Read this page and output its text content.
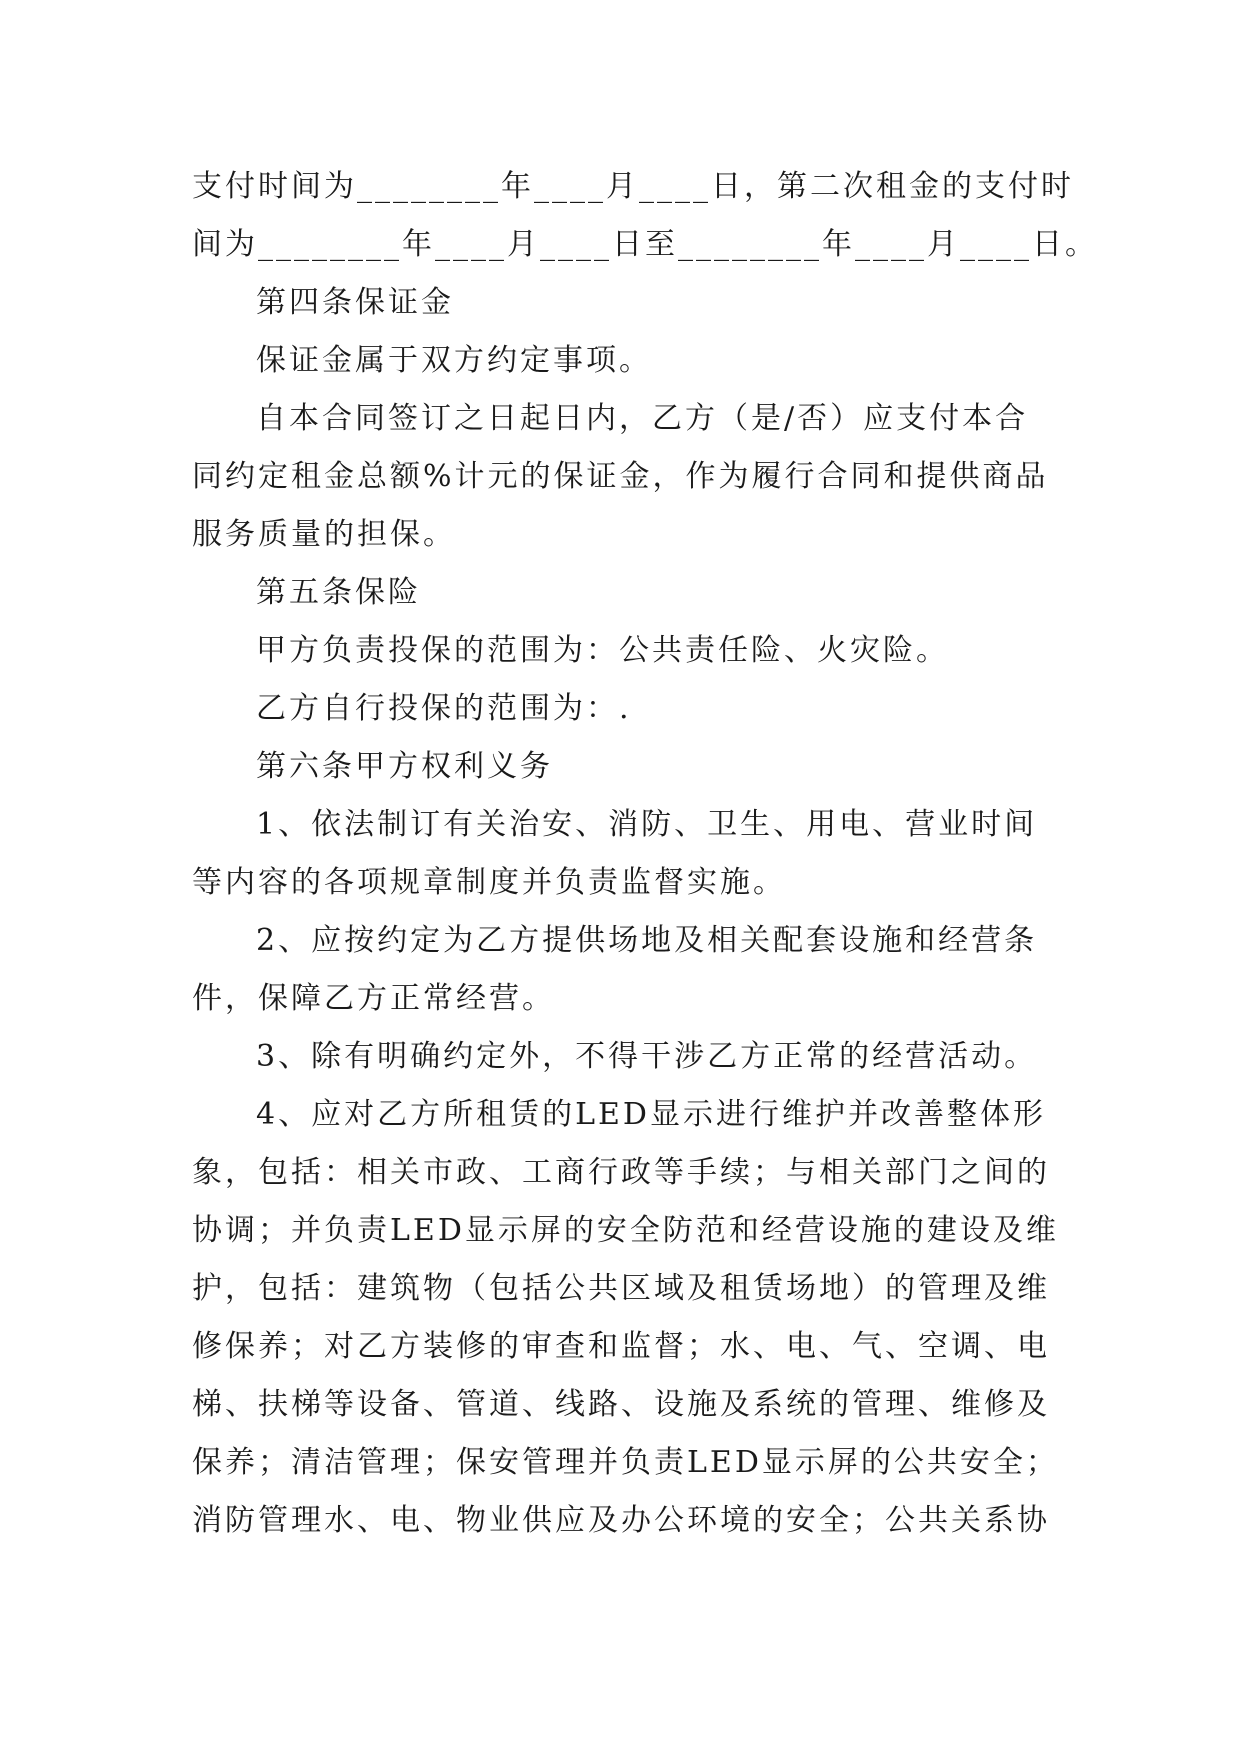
支付时间为________年____月____日，第二次租金的支付时
间为________年____月____日至________年____月____日。
第四条保证金
保证金属于双方约定事项。
自本合同签订之日起日内，乙方（是/否）应支付本合
同约定租金总额%计元的保证金，作为履行合同和提供商品
服务质量的担保。
第五条保险
甲方负责投保的范围为：公共责任险、火灾险。
乙方自行投保的范围为：.
第六条甲方权利义务
1、依法制订有关治安、消防、卫生、用电、营业时间
等内容的各项规章制度并负责监督实施。
2、应按约定为乙方提供场地及相关配套设施和经营条
件，保障乙方正常经营。
3、除有明确约定外，不得干涉乙方正常的经营活动。
4、应对乙方所租赁的LED显示进行维护并改善整体形
象，包括：相关市政、工商行政等手续；与相关部门之间的
协调；并负责LED显示屏的安全防范和经营设施的建设及维
护，包括：建筑物（包括公共区域及租赁场地）的管理及维
修保养；对乙方装修的审查和监督；水、电、气、空调、电
梯、扶梯等设备、管道、线路、设施及系统的管理、维修及
保养；清洁管理；保安管理并负责LED显示屏的公共安全；
消防管理水、电、物业供应及办公环境的安全；公共关系协
